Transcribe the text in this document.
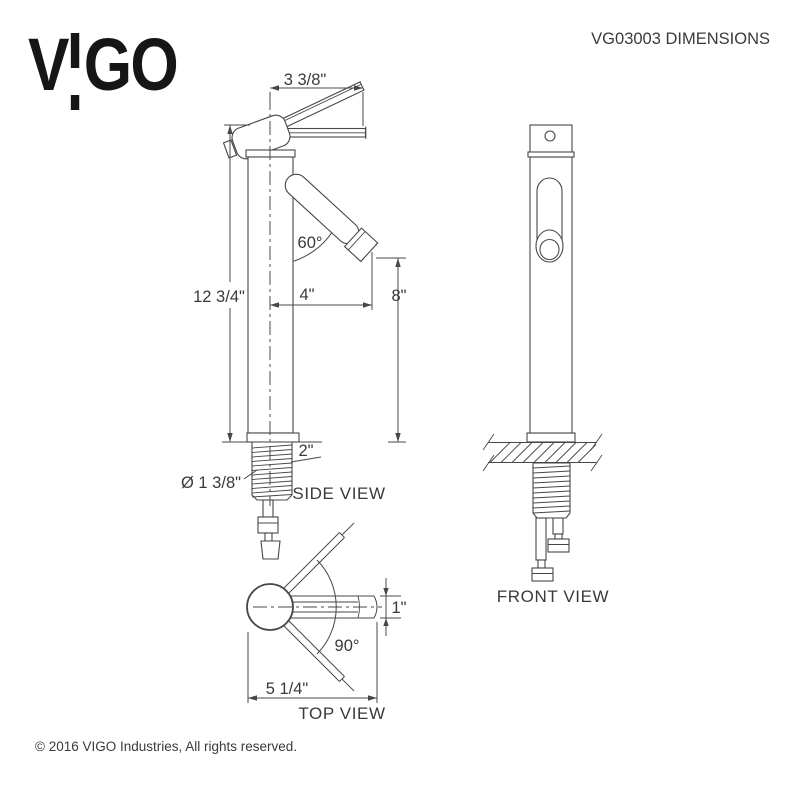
V GO	VG03003 DIMENSIONS
3 3/8"
12 3/4"
60°
4"	8"
2"
Ø 1 3/8"
1"
90°
5 1/4"
SIDE VIEW
FRONT VIEW
TOP VIEW
© 2016 VIGO Industries, All rights reserved.
